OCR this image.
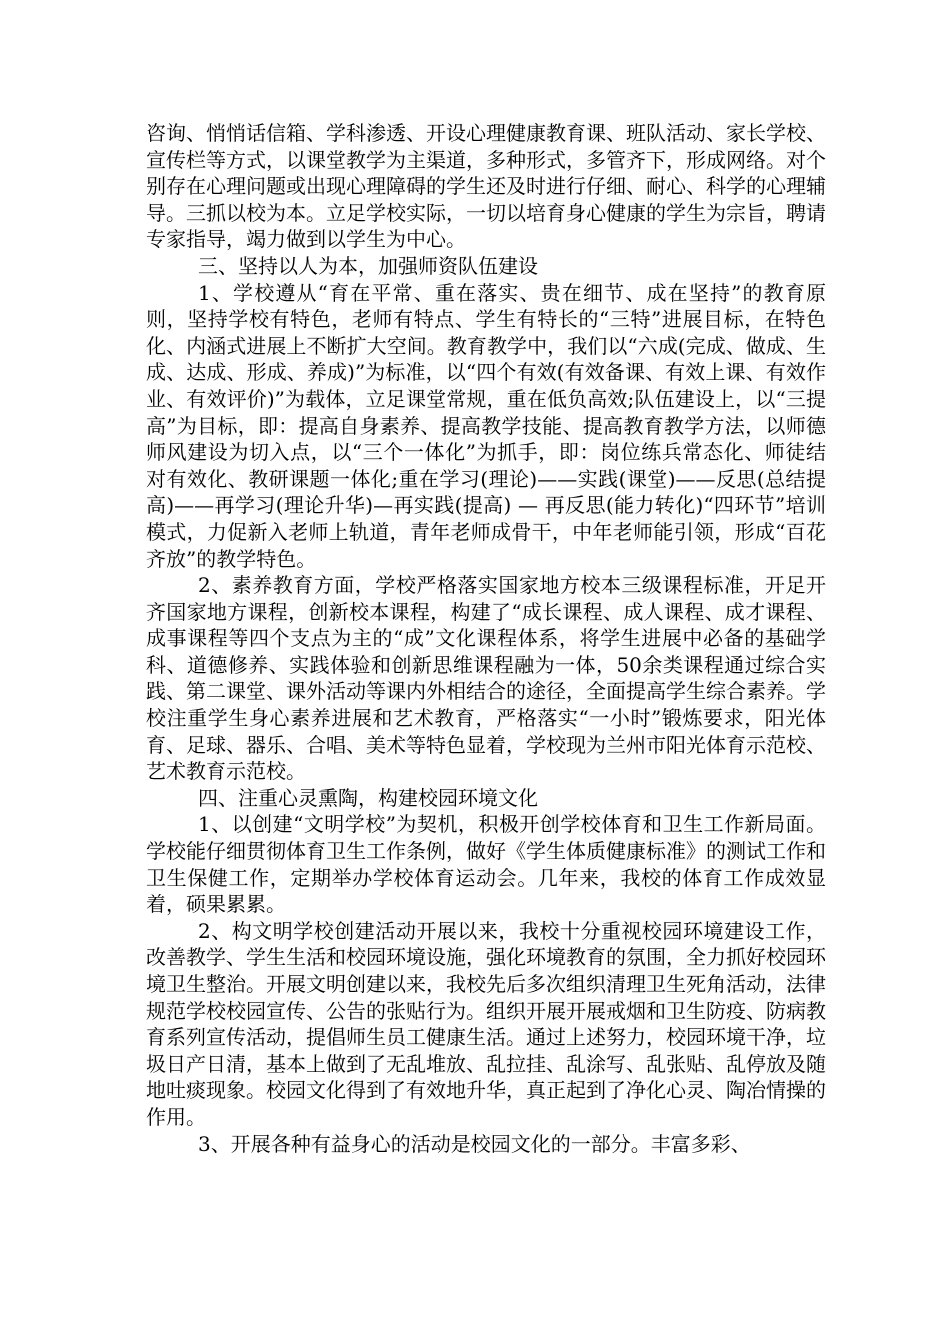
咨询、悄悄话信箱、学科渗透、开设心理健康教育课、班队活动、家长学校、宣传栏等方式，以课堂教学为主渠道，多种形式，多管齐下，形成网络。对个别存在心理问题或出现心理障碍的学生还及时进行仔细、耐心、科学的心理辅导。三抓以校为本。立足学校实际，一切以培育身心健康的学生为宗旨，聘请专家指导，竭力做到以学生为中心。

三、坚持以人为本，加强师资队伍建设

1、学校遵从“育在平常、重在落实、贵在细节、成在坚持”的教育原则，坚持学校有特色，老师有特点、学生有特长的“三特”进展目标，在特色化、内涵式进展上不断扩大空间。教育教学中，我们以“六成(完成、做成、生成、达成、形成、养成)”为标准，以“四个有效(有效备课、有效上课、有效作业、有效评价)”为载体，立足课堂常规，重在低负高效;队伍建设上，以“三提高”为目标，即：提高自身素养、提高教学技能、提高教育教学方法，以师德师风建设为切入点，以“三个一体化”为抓手，即：岗位练兵常态化、师徒结对有效化、教研课题一体化;重在学习(理论)——实践(课堂)——反思(总结提高)——再学习(理论升华)—再实践(提高) — 再反思(能力转化)“四环节”培训模式，力促新入老师上轨道，青年老师成骨干，中年老师能引领，形成“百花齐放”的教学特色。

2、素养教育方面，学校严格落实国家地方校本三级课程标准，开足开齐国家地方课程，创新校本课程，构建了“成长课程、成人课程、成才课程、成事课程等四个支点为主的“成”文化课程体系，将学生进展中必备的基础学科、道德修养、实践体验和创新思维课程融为一体，50余类课程通过综合实践、第二课堂、课外活动等课内外相结合的途径，全面提高学生综合素养。学校注重学生身心素养进展和艺术教育，严格落实“一小时”锻炼要求，阳光体育、足球、器乐、合唱、美术等特色显着，学校现为兰州市阳光体育示范校、艺术教育示范校。

四、注重心灵熏陶，构建校园环境文化

1、以创建“文明学校”为契机，积极开创学校体育和卫生工作新局面。学校能仔细贯彻体育卫生工作条例，做好《学生体质健康标准》的测试工作和卫生保健工作，定期举办学校体育运动会。几年来，我校的体育工作成效显着，硕果累累。

2、构文明学校创建活动开展以来，我校十分重视校园环境建设工作，改善教学、学生生活和校园环境设施，强化环境教育的氛围，全力抓好校园环境卫生整治。开展文明创建以来，我校先后多次组织清理卫生死角活动，法律规范学校校园宣传、公告的张贴行为。组织开展开展戒烟和卫生防疫、防病教育系列宣传活动，提倡师生员工健康生活。通过上述努力，校园环境干净，垃圾日产日清，基本上做到了无乱堆放、乱拉挂、乱涂写、乱张贴、乱停放及随地吐痰现象。校园文化得到了有效地升华，真正起到了净化心灵、陶冶情操的作用。

3、开展各种有益身心的活动是校园文化的一部分。丰富多彩、
